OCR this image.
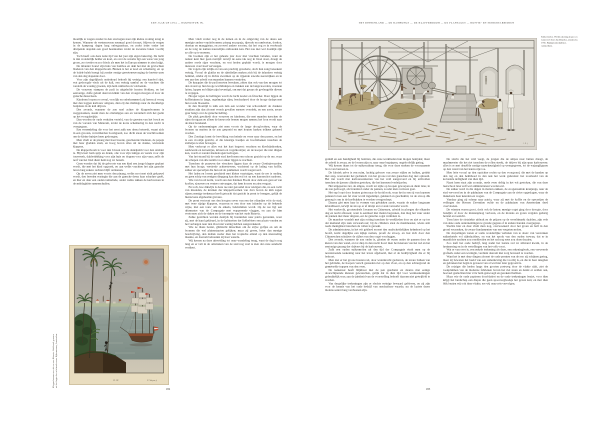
EEN JAAR OP JAVA — HOOFDSTUK IX.

moeilijk te wagen zonder in den stortregen naar zijn kleine woning terug te keeren. Wanneer de westmoesson eenmaal goed doorzet, blijven de wegen in de kampong dagen lang onbegaanbaar, en zoekt ieder onder het druipende atapdak een goed heenkomen totdat de zwaarste buien voorbij zijn.

Toch heeft ook deze natte tijd van het jaar zijn eigen bekoring. De lucht is dan wonderlijk helder en koel, en over de sawahs ligt een waas van jong groen, zoo teeder en zoo frisch als men het in Europa nimmer te zien krijgt.

De inlander bouwt zijn huis van bamboe en dekt het met de gevlochten bladeren van den klapperboom. Binnen is het er koel en schemerig, en op de baleh-baleh brengt hij zonder eenige gewetenswroeging de heetste uren van den dag slapende door.

Voor zijn dagelijksch onderhoud behoeft hij weinig: een handvol rijst, wat gedroogde visch uit de kali, een weinig sambal en de vruchten die rondom de woning groeien, zijn hem ruimschoots voldoende.

De vrouwen stampen de padi in uitgeholde houten blokken, en het eentonige, doffe geluid daarvan klinkt van den vroegen morgen af door de gansche dessa heen.

Kinderen loopen er overal, vroolijk en onbekommerd; zij leeren al vroeg met den loggen karbouw omgaan, dien zij des middags naar de modderige badplaats in de kali drijven.

Des avonds, wanneer de zon snel achter de klapperboomen is weggezonken, steekt men de olielampjes aan en verzamelt zich het gezin op het voorgalerijtje.

Dan worden de oude verhalen verteld, van de geesten van het bosch en van de vorsten van Mataram, totdat de korte schemering in den nacht is overgegaan.

Een vreemdeling die voor het eerst zulk een dessa betreedt, waant zich in een grooten, verwilderden boomgaard, zoo dicht staan de vruchtboomen om de kleine huisjes heen gedrongen.

Men vindt er de pisang met haar breede, gescheurde bladeren, de papaja met haar gladden stam, en hoog boven alles uit de slanke, wuivende klappers.

De klapperboom is voor den Javaan wat de dadelpalm voor den Arabier is. Hij levert hem spijs en drank, olie voor zijn lampje en vezels voor zijn touwwerk, dakbedekking voor zijn huis en doppen voor zijn vuur; zelfs de nerf van het blad dient hem nog tot bezem.

Geen wonder dat bij de geboorte van een kind een jonge klapper geplant wordt, die met het kind opgroeit, en aan welks vruchten het zijn gansche leven lang zekere rechten blijft ontleenen.

Op de erven ziet men voorts den pinang, welks noot met sirih gekauwd wordt, den breeden waringin die aan de gansche dessa haar schaduw geeft, en hier en daar een ouden tamarinde, onder welks takken de karbouwen in de middaghitte samenschuilen.

Men vindt verder nog in de tuinen en in de omgeving van de dessa een menigte andere vruchtboomen: pisang en papaja, djeroek en ramboetan, doekoe, doerian en manggistan, en zooveel andere soorten, dat het oog er in verdwaalt en de tong de namen nauwelijks onthouden kan. Het zou niet wel doenlijk zijn ze alle op te noemen.

De boomen zijn er het geheele jaar door met vruchten beladen, want de natuur kent hier geen rusttijd: terwijl de eene tak nog in bloei staat, draagt de andere reeds rijpe vruchten, en wat heden geplukt wordt, is morgen door nieuwen overvloed vervangen.

De vogels zijn talrijk en van een prachtig gevederte, doch hun zang beteekent weinig. Vooral de glatiks en de rijstdiefjes maken zich bij de inlanders weinig bemind, omdat zij in dichte zwermen op de rijpende sawahs neerstrijken en in een uur den arbeid van maanden kunnen vernielen.

De knaapjes die de padi moeten bewaken, zitten dan ook van den morgen tot den avond op hun hooge wachthuisjes en trekken aan de lange koorden, waaraan latten, lappen en blikjes zijn bevestigd, om met dat geraas de gevleugelde dieven te verjagen.

Hooger tegen de hellingen wordt de lucht koeler en frisscher. Daar liggen de koffietuinen in lange, regelmatige rijen, beschaduwd door de hooge dadaps met hun roode bloesems.

In den bloeitijd is zulk een tuin een wonder van schoonheid: de donkere struiken zijn dan als met versch gevallen sneeuw overdekt, en een zoete, zware geur hangt over de gansche helling.

De pluk geschiedt door vrouwen en kinderen, die met manden tusschen de rijen doorgaan en alleen de kersroode bessen mogen nemen; het loon wordt naar de maat berekend.

Op de ondernemingen ziet men voorts de lange droogloodsen, waar de boonen op matten in de zon gespreid en met houten harken telkens gekeerd worden.

Des Zondags komt de bevolking van heinde en verre naar den passer, en het is een vroolijk gezicht, al die kleurige baadjes en hoofddoeken tusschen de stalletjes te zien bewegen.

Men verkoopt er alles wat het hart begeert: vruchten en kleefrijstkoeken, aardewerk en katoentjes, krissen en vogelkooitjes; en de kooper die niet dingen kan, wordt er zonder mededoogen bedrogen.

Van het strand bij de oude stad heeft men een schoon gezicht op de ree, waar de schepen van alle natiën voor anker liggen te wachten.

Tusschen de prauwen der visschers liggen daar de zware Oostinjevaarders met hun hooge, versierde achterstevens, wachtend op de lading van koffie, suiker en specerijen die hun uit de pakhuizen wordt toegevoerd.

Het laden en lossen geschiedt met kleine vaartuigen, want de ree is ondiep, en geen schip van eenigen diepgang kan den wal tot op een kanonschot naderen.

Wie van boord komt, wordt aan den Kleinen Boom door zulk een gewoel van koelies, sjouwers en venters ontvangen, dat hem hooren en zien vergaat.

En toch, hoe dikwijls is deze ree niet geroemd door reizigers die, na een tocht van maanden, de kruinen der klapperboomen van Java boven de kim zagen rijzen; menige teekenaar heeft getracht dat gezicht in prent te brengen, gelijk de hiernevens afgebeelde gravure.

De prent vertoont ons den hoogen oever van een der eilandjes vóór de stad, met twee rijzige klappers, waarvan er een door een inlander op de bekende wijze, met een touw om de enkels, beklommen wordt. Op de ree ligt een driemaster van de Compagnie met wapperende vlaggen, en aan de kim vertoonen zich de daken en de torenspits van het oude Batavia.

Zulke gezichten werden destijds bij honderden naar patria gezonden, waar zij, met de hand gekleurd, in de kabinetten der liefhebbers een plaats vonden en het verlangen naar den Oost niet weinig hebben aangewakkerd.

Wie ze thans beziet, glimlacht misschien om de stijve golfjes en om de boomen die wel pluimstaarten gelijken; maar zij geven, beter dan menige beschrijving, den indruk weder dien het tropische eiland op den nieuweling maakte, en daarom behouden zij haar waarde.

Wij keeren na deze uitweiding tot onze wandeling terug, want de dag is nog lang en er valt in de omstreken van de stad nog veel te zien dat onze aandacht verdient.

Pl. IX.	C. Wayne f.
Klapperboomen aan de ree van Batavia. Gekleurde gravure uit het begin der achttiende eeuw. Rijksmuseum, Amsterdam.
182
HET BINNENLAND — DE KAMPONGS — DE KLAPPERBOOM — DE PLANTAGES — KOFFIE- EN SUIKERFABRIEKEN
J. B. f.
Suikermolen. Werkteekening in pen en waterverf door Jan Brandes, omstreeks 1785. Rijksprentenkabinet, Amsterdam.

geduld en een handigheid bij bezitten, die onze werklieden hun mogen benijden; maar de arbeid is zwaar, en de loonen zijn er, naar onze begrippen, ongeloofelijk gering.

Wij keeren thans tot de suikercultuur terug, die voor deze streken de voornaamste bron van bestaan is.

De fabriek zelve is een ruim, luchtig gebouw van zware stijlen en balken, gedekt met atap, waaronder het gedruisch van het groote rad den ganschen dag niet ophoudt. Het riet wordt met karbouwenkarren van het veld aangevoerd en bij armvollen tusschen de ijzeren cilinders gestoken, die het knersend verbrijzelen.

Het uitgeperste riet, de ampas, wordt ter zijde op hoopen geworpen en dient later, in de zon gedroogd, als brandstof onder de pannen, zoodat niets verloren gaat.

Het sap loopt door houten goten naar de kookloods, waar het in een rij van koperen pannen boven een fel vuur wordt ingedampt, geklaard en geschuimd, tot de stroop dik genoeg is om in de koelbakken te worden overgeschept.

Daarna giet men haar in vormen van gebakken aarde, waarin de suiker langzaam kristalliseert, terwijl de stroop er af druipt en tot arak verwerkt wordt.

Het werkvolk, grootendeels Javanen en Chineezen, arbeidt in ploegen die elkander dag en nacht aflossen; want is eenmaal met malen begonnen, dan mag het vuur onder de pannen niet meer uitgaan, eer de gansche oogst vermalen is.

De mandoer wandelt met zijn rotting tusschen de werklieden door en ziet er op toe dat niemand zijn taak verwaarloost; bij de cilinders staat de maalmeester, wiens arm reeds menigmaal tusschen de rollen is geraakt.

De administrateur, in het wit gekleed en met den onafscheidelijken helmhoed op het hoofd, komt dagelijks een kijkje nemen, proeft de stroop, en laat zich door den Chineeschen schrijver de cijfers van den oogst voorleggen.

Des avonds, wanneer de zon onder is, gloeien de vuren onder de pannen door de kieren van den wand, en tot diep in den nacht hoort men het knarsen van het rad en het eentonige gezang der drijvers bij de karbouwen.

Zulk een ouden suikermolen uit den tijd der Compagnie vindt men op de nevenstaande teekening naar het leven afgebeeld, met al de bedrijvigheid die er bij behoort.

Men ziet er het groote houten rad, door waterkracht gedreven, de zware balken van het gebindte, de hoopen versch gesneden riet op den vloer, en op den achtergrond de gemetselde trappen van den oven.

De teekenaar heeft blijkbaar met de pen geschetst en daarna met eenige doorschijnende kleuren gewasschen, gelijk dat in dien tijd voor werkteekeningen gebruikelijk was; aan de juistheid van de voorstelling behoeft daarom niet getwijfeld te worden.

Van dergelijke teekeningen zijn er slechts weinige bewaard gebleven, en zij zijn voor de kennis van het oude bedrijf van onschatbare waarde, nu de laatste dezer molens sedert lang verdwenen zijn.

De slavin die het veld veegt, de jongen die de ampas naar buiten draagt, de maalmeester die het riet tusschen de rollen steekt, de drijver bij zijn span karbouwen: alles is er met dezelfde rustige nauwkeurigheid op weergegeven, tot de wajangfiguren op den wand van het kantoortje toe.

Men lette vooral op den opzichter rechts op den voorgrond, die met de handen op den rug en den helmhoed in den nek het werk gadeslaat: het toonbeeld van de koloniale deftigheid van dien tijd.

Naast hem staat zijn zoontje, reeds even deftig in het wit gestoken, die van deze leerschool later zelf wel administrateur worden zal.

De suiker werd in die dagen in matten zakken, de zoogenaamde kranjangs, naar de stad vervoerd en in de pakhuizen van de Compagnie aan de rivier opgeslagen, waar de makelaars haar keurden en wogen.

Vandaar ging zij scheep naar patria, waar zij met de koffie en de specerijen de veilingen der Heeren Zeventien vulde en de pakhuizen van Amsterdam deed overvloeien.

De winsten waren groot, doch ook de lasten: menige oogst ging door droogte, door bandjirs of door de muizenplaag verloren, en de molens en goten vergden gedurig herstel en toezicht.

Toen later de rietziekte uitbrak en de prijzen op de wereldmarkt daalden, zijn vele van deze oude ondernemingen te gronde gegaan of in andere handen overgegaan.

Slechts hier en daar vindt men nog, overwoekerd door het groen en half in den grond verzonken, de zware fundamenten van een vergeten molen.

De dorpelingen weten er soms wonderlijke verhalen van te doen: van verzonken suikerketels vol rijksdaalders, en van het spook van den ouden toewan, dat er in maanlichte nachten zou ronddwalen en het rad nog eens zou doen draaien.

Zoo leeft het oude bedrijf, lang nadat het laatste rad tot stilstand kwam, in de herinnering en in de vertellingen van het volk voort.

Wat er van over is, een enkele teekening als deze, een rekeningboek, een verweerde grafzerk onder een waringin, verdient daarom met zorg bewaard te worden.

Want het is met deze dingen als met de oude prenten van de ree: zij schijnen gering, maar zij bewaren het beeld van een samenleving die voorbij is, en die in haar deugden en gebreken het begin is geweest van al wat hier later gegroeid is.

De reiziger die heden langs den grooten postweg door de vlakte rijdt, ziet de rookpluimen van de moderne fabrieken boven het riet staan en denkt er zelden aan, hoeveel geslachten hier vóór hem gezwoegd en gerekend hebben.

Maar wie de oude papieren doorbladert en de oude teekeningen beziet, voor dien krijgt het landschap een diepte die geen spoorwegboekje het geven kan; en met dien blik bezien wij ook deze vlakte, eer wij onze reis vervolgen.

183
